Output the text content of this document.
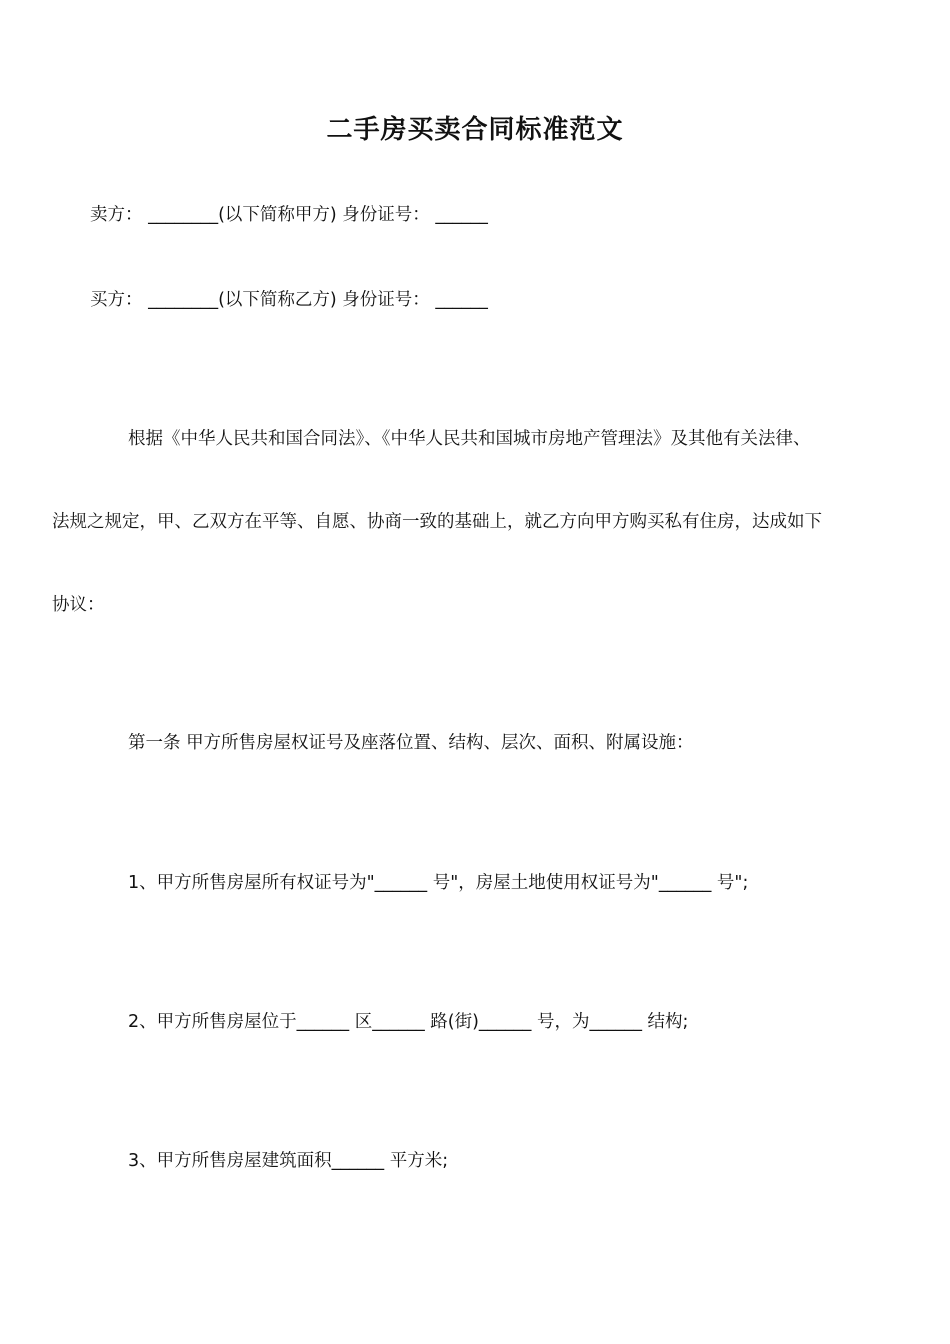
二手房买卖合同标准范文
卖方： ________(以下简称甲方) 身份证号： ______
买方： ________(以下简称乙方) 身份证号： ______
根据《中华人民共和国合同法》、《中华人民共和国城市房地产管理法》及其他有关法律、
法规之规定，甲、乙双方在平等、自愿、协商一致的基础上，就乙方向甲方购买私有住房，达成如下
协议：
第一条 甲方所售房屋权证号及座落位置、结构、层次、面积、附属设施：
1、甲方所售房屋所有权证号为"______ 号"，房屋土地使用权证号为"______ 号";
2、甲方所售房屋位于______ 区______ 路(街)______ 号，为______ 结构;
3、甲方所售房屋建筑面积______ 平方米;
